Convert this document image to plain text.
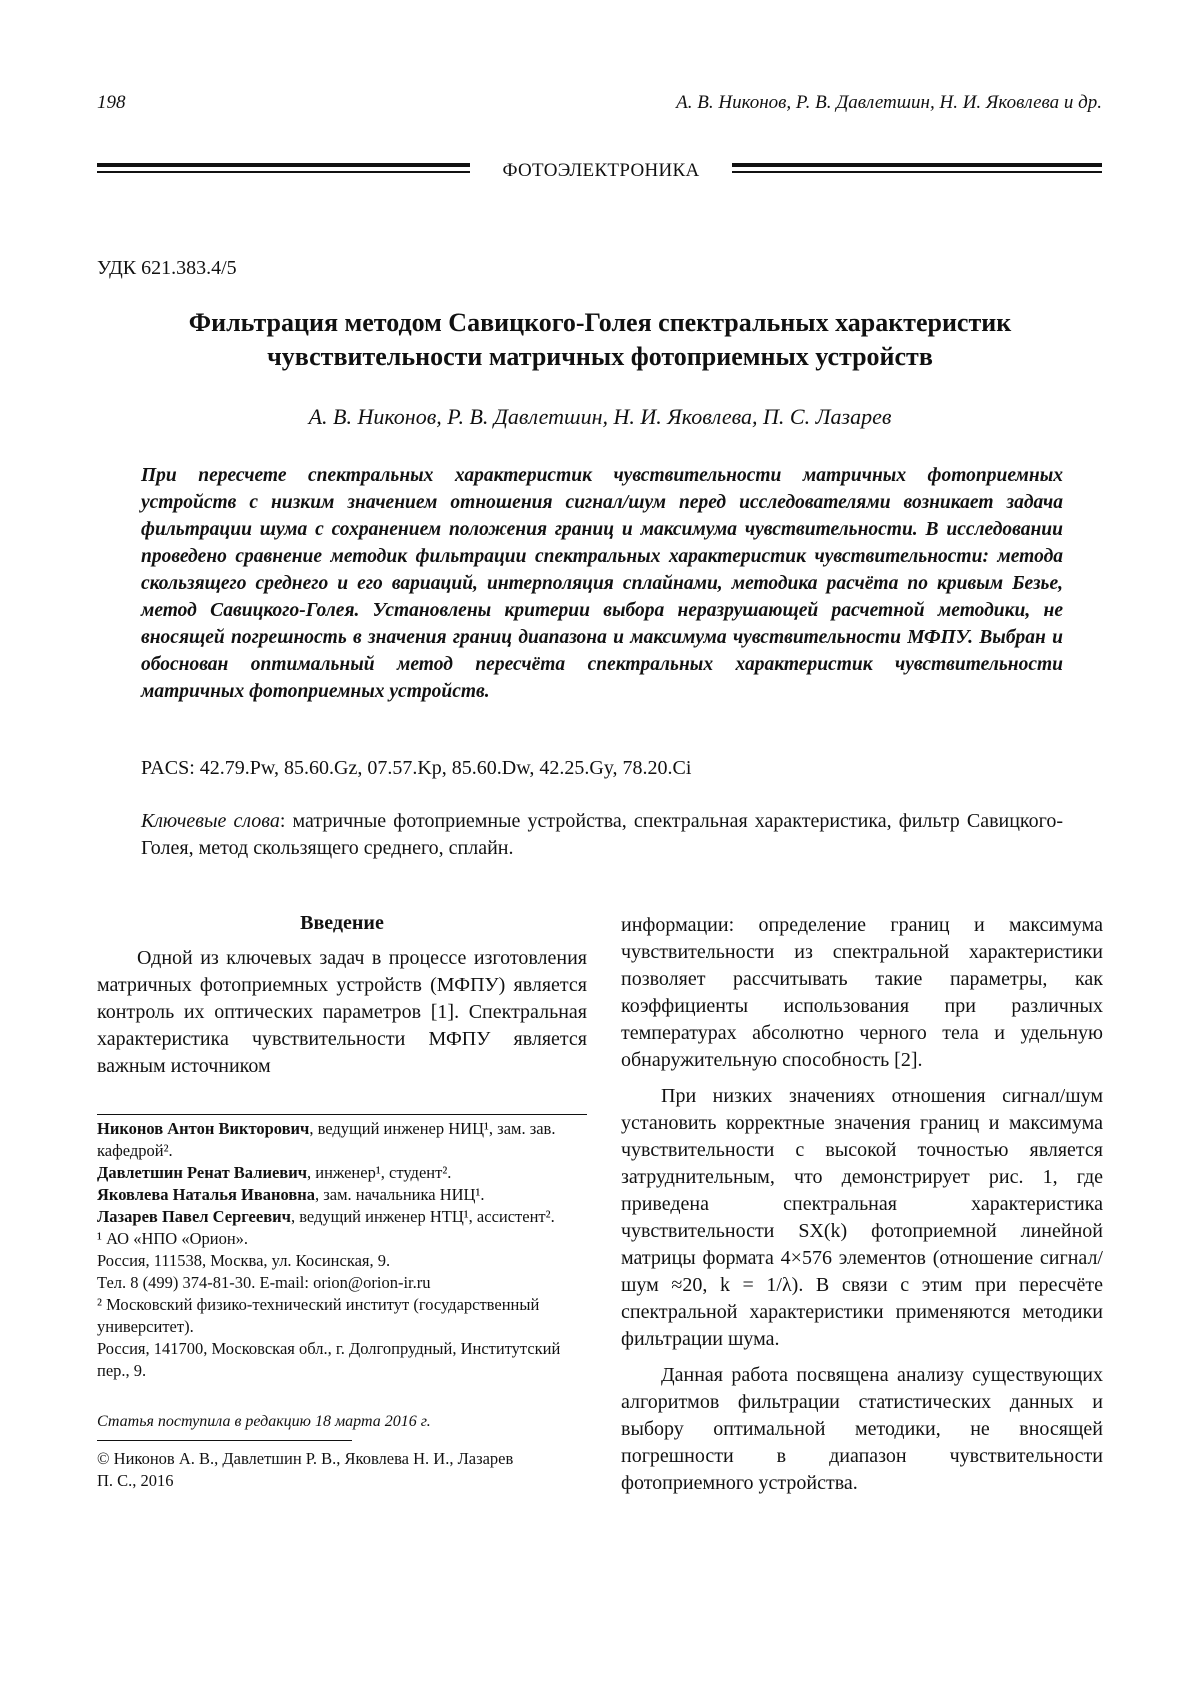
198	А. В. Никонов, Р. В. Давлетшин, Н. И. Яковлева и др.
ФОТОЭЛЕКТРОНИКА
УДК 621.383.4/5
Фильтрация методом Савицкого-Голея спектральных характеристик чувствительности матричных фотоприемных устройств
А. В. Никонов, Р. В. Давлетшин, Н. И. Яковлева, П. С. Лазарев
При пересчете спектральных характеристик чувствительности матричных фотоприемных устройств с низким значением отношения сигнал/шум перед исследователями возникает задача фильтрации шума с сохранением положения границ и максимума чувствительности. В исследовании проведено сравнение методик фильтрации спектральных характеристик чувствительности: метода скользящего среднего и его вариаций, интерполяция сплайнами, методика расчёта по кривым Безье, метод Савицкого-Голея. Установлены критерии выбора неразрушающей расчетной методики, не вносящей погрешность в значения границ диапазона и максимума чувствительности МФПУ. Выбран и обоснован оптимальный метод пересчёта спектральных характеристик чувствительности матричных фотоприемных устройств.
PACS: 42.79.Pw, 85.60.Gz, 07.57.Kp, 85.60.Dw, 42.25.Gy, 78.20.Ci
Ключевые слова: матричные фотоприемные устройства, спектральная характеристика, фильтр Савицкого-Голея, метод скользящего среднего, сплайн.
Введение

Одной из ключевых задач в процессе изготовления матричных фотоприемных устройств (МФПУ) является контроль их оптических параметров [1]. Спектральная характеристика чувствительности МФПУ является важным источником

Никонов Антон Викторович, ведущий инженер НИЦ¹, зам. зав. кафедрой².
Давлетшин Ренат Валиевич, инженер¹, студент².
Яковлева Наталья Ивановна, зам. начальника НИЦ¹.
Лазарев Павел Сергеевич, ведущий инженер НТЦ¹, ассистент².
¹ АО «НПО «Орион».
Россия, 111538, Москва, ул. Косинская, 9.
Тел. 8 (499) 374-81-30. E-mail: orion@orion-ir.ru
² Московский физико-технический институт (государственный университет).
Россия, 141700, Московская обл., г. Долгопрудный, Институтский пер., 9.
Статья поступила в редакцию 18 марта 2016 г.
© Никонов А. В., Давлетшин Р. В., Яковлева Н. И., Лазарев П. С., 2016

информации: определение границ и максимума чувствительности из спектральной характеристики позволяет рассчитывать такие параметры, как коэффициенты использования при различных температурах абсолютно черного тела и удельную обнаружительную способность [2].

При низких значениях отношения сигнал/шум установить корректные значения границ и максимума чувствительности с высокой точностью является затруднительным, что демонстрирует рис. 1, где приведена спектральная характеристика чувствительности SX(k) фотоприемной линейной матрицы формата 4×576 элементов (отношение сигнал/шум ≈20, k = 1/λ). В связи с этим при пересчёте спектральной характеристики применяются методики фильтрации шума.

Данная работа посвящена анализу существующих алгоритмов фильтрации статистических данных и выбору оптимальной методики, не вносящей погрешности в диапазон чувствительности фотоприемного устройства.
